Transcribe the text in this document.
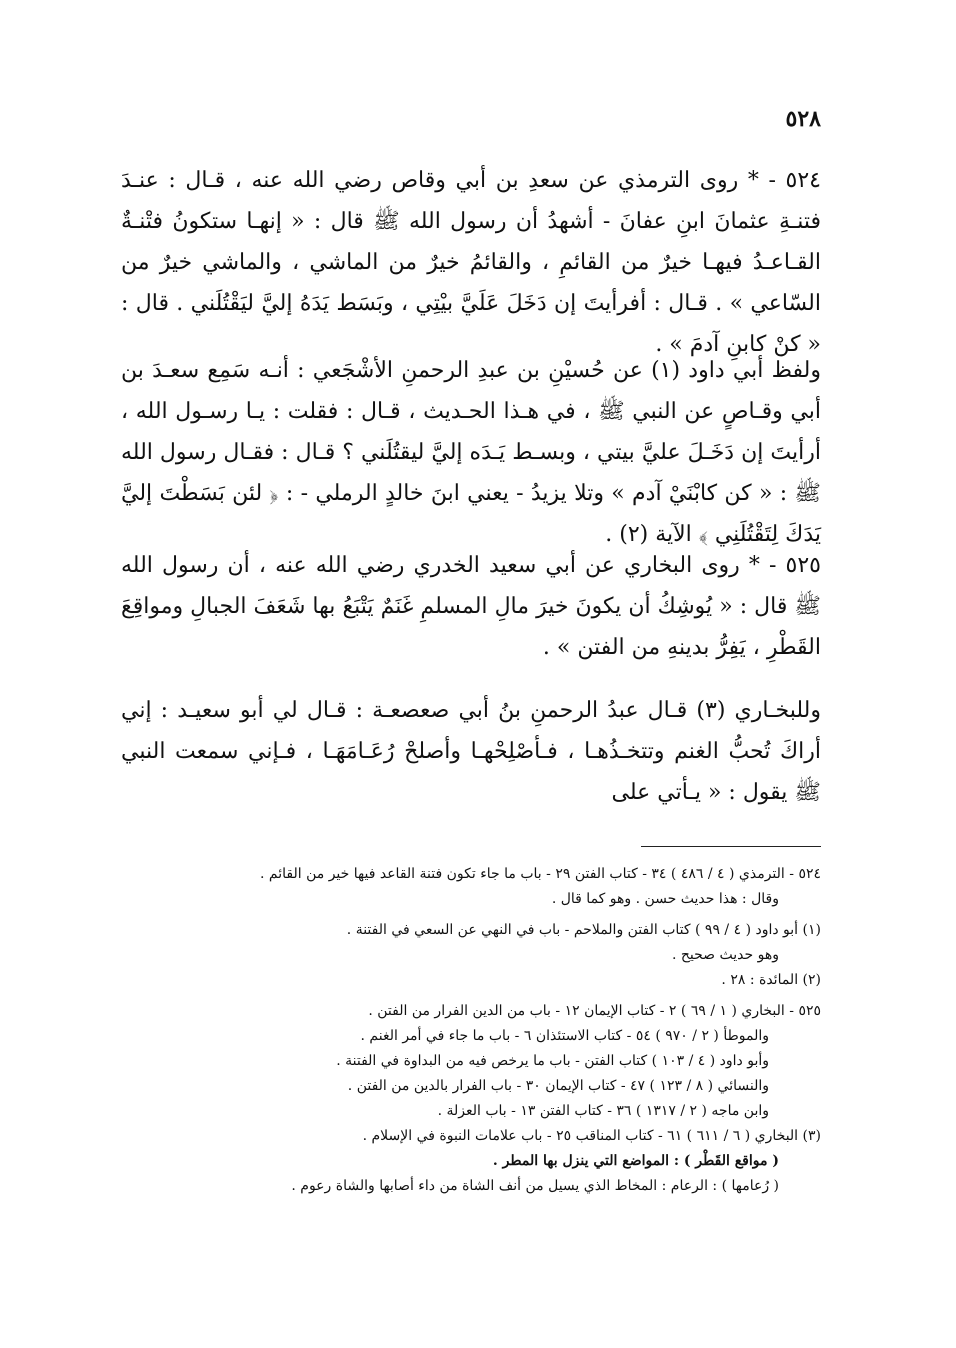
٥٢٨
٥٢٤ - * روى الترمذي عن سعدِ بن أبي وقاص رضي الله عنه ، قـال : عنـدَ فتنـةِ عثمانَ ابنِ عفانَ - أشهدُ أن رسول الله ﷺ قال : « إنهـا ستكونُ فتْنـةٌ القـاعـدُ فيهـا خيرٌ من القائمِ ، والقائمُ خيرٌ من الماشي ، والماشي خيرٌ من السّاعي » . قـال : أفرأيتَ إن دَخَلَ عَلَيَّ بيْتِي ، وبَسَط يَدَهُ إليَّ ليَقْتُلَني . قال : « كنْ كابنِ آدمَ » .
ولفظ أبي داود (١) عن حُسيْنِ بن عبدِ الرحمنِ الأشْجَعي : أنـه سَمِع سعـدَ بن أبي وقـاصٍ عن النبي ﷺ ، في هـذا الحـديث ، قـال : فقلت : يـا رسـول الله ، أرأيتَ إن دَخَـلَ عليَّ بيتي ، وبسـط يَـدَه إليَّ ليقتُلَني ؟ قـال : فقـال رسول الله ﷺ : « كن كابْنَيْ آدم » وتلا يزيدُ - يعني ابنَ خالدٍ الرملي - : ﴿ لئن بَسَطْتَ إليَّ يَدَكَ لِتَقْتُلَنِي ﴾ الآية (٢) .
٥٢٥ - * روى البخاري عن أبي سعيد الخدري رضي الله عنه ، أن رسول الله ﷺ قال : « يُوشِكُ أن يكونَ خيرَ مالِ المسلمِ غَنَمٌ يَتْبَعُ بها شَعَفَ الجبالِ ومواقِعَ القَطْرِ ، يَفِرُّ بدينهِ من الفتن » .
وللبخـاري (٣) قـال عبدُ الرحمنِ بنُ أبي صعصعـة : قـال لي أبو سعيـد : إني أراكَ تُحبُّ الغنم وتتخـذُهـا ، فـأصْلِحْهـا وأصلحْ رُعَـامَهَـا ، فـإني سمعت النبي ﷺ يقول : « يـأتي على
٥٢٤ - الترمذي ( ٤ / ٤٨٦ ) ٣٤ - كتاب الفتن ٢٩ - باب ما جاء تكون فتنة القاعد فيها خير من القائم .
وقال : هذا حديث حسن . وهو كما قال .
(١) أبو داود ( ٤ / ٩٩ ) كتاب الفتن والملاحم - باب في النهي عن السعي في الفتنة .
وهو حديث صحيح .
(٢) المائدة : ٢٨ .
٥٢٥ - البخاري ( ١ / ٦٩ ) ٢ - كتاب الإيمان ١٢ - باب من الدين الفرار من الفتن .
والموطأ ( ٢ / ٩٧٠ ) ٥٤ - كتاب الاستئذان ٦ - باب ما جاء في أمر الغنم .
وأبو داود ( ٤ / ١٠٣ ) كتاب الفتن - باب ما يرخص فيه من البداوة في الفتنة .
والنسائي ( ٨ / ١٢٣ ) ٤٧ - كتاب الإيمان ٣٠ - باب الفرار بالدين من الفتن .
وابن ماجه ( ٢ / ١٣١٧ ) ٣٦ - كتاب الفتن ١٣ - باب العزلة .
(٣) البخاري ( ٦ / ٦١١ ) ٦١ - كتاب المناقب ٢٥ - باب علامات النبوة في الإسلام .
( مواقع القَطْر ) : المواضع التي ينزل بها المطر .
( رُعامها ) : الرعام : المخاط الذي يسيل من أنف الشاة من داء أصابها والشاة رعوم .
